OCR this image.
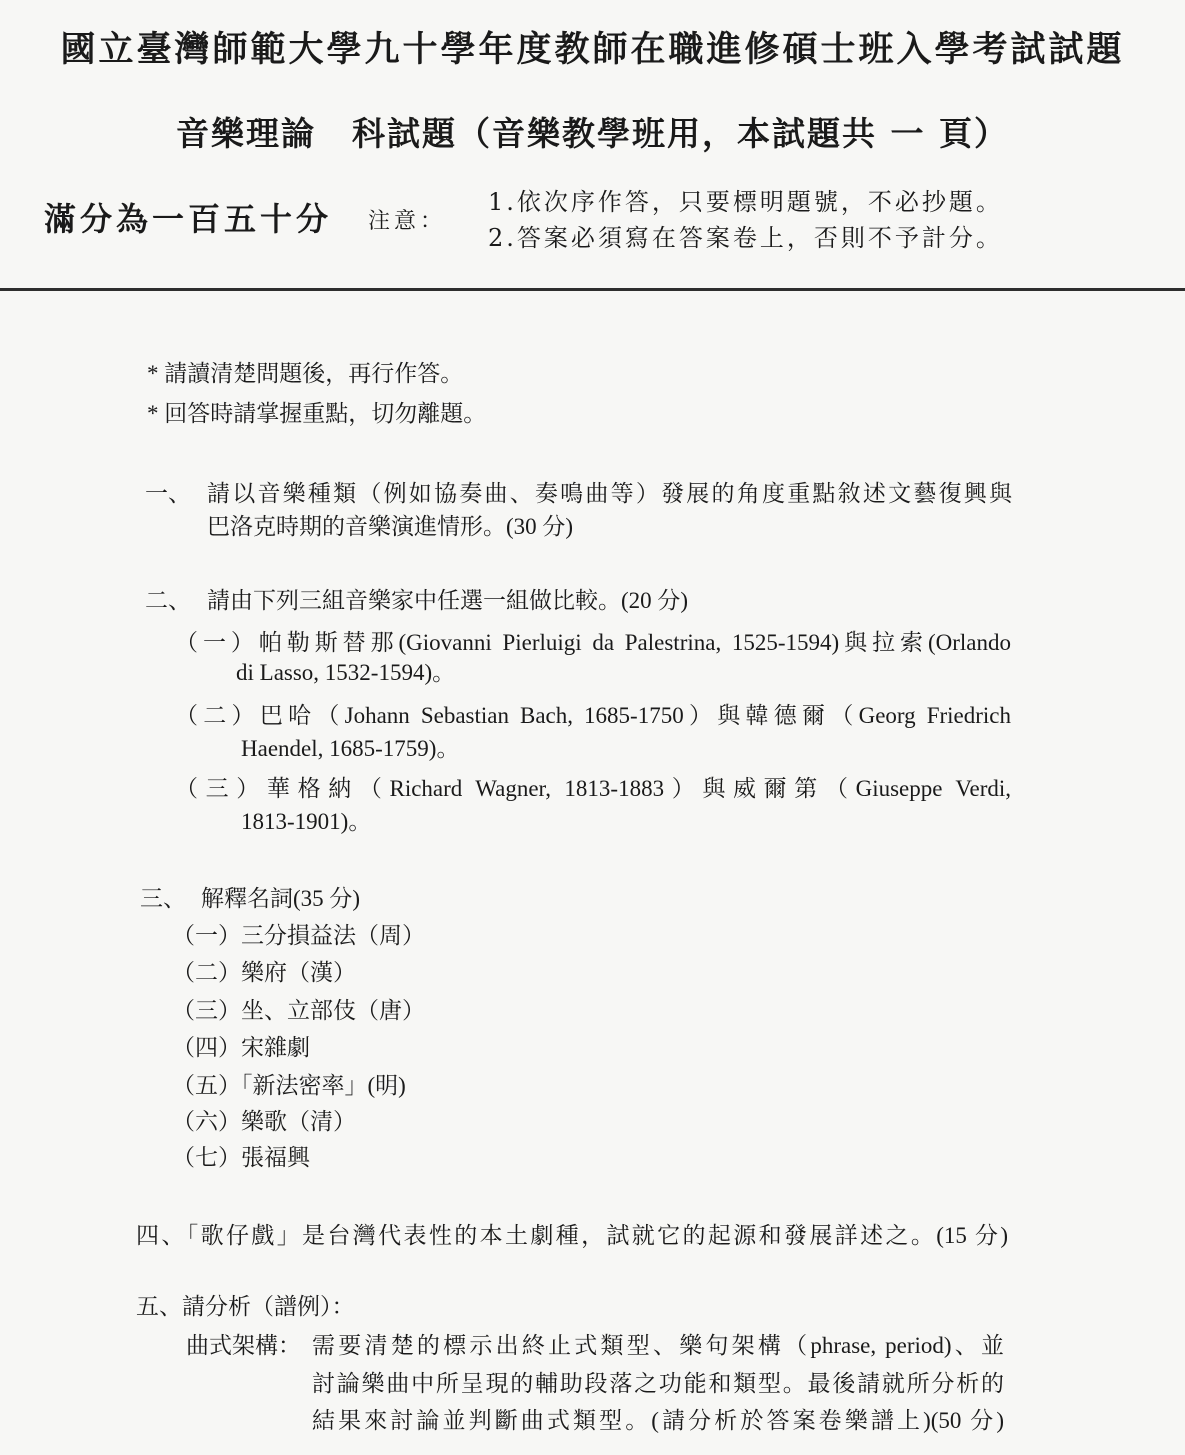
國立臺灣師範大學九十學年度教師在職進修碩士班入學考試試題
音樂理論 科試題（音樂教學班用，本試題共 一 頁）
滿分為一百五十分 注意：
1.依次序作答，只要標明題號，不必抄題。
2.答案必須寫在答案卷上，否則不予計分。
* 請讀清楚問題後，再行作答。
* 回答時請掌握重點，切勿離題。
一、 請以音樂種類（例如協奏曲、奏鳴曲等）發展的角度重點敘述文藝復興與
巴洛克時期的音樂演進情形。(30 分)
二、 請由下列三組音樂家中任選一組做比較。(20 分)
（一）帕勒斯替那(Giovanni Pierluigi da Palestrina, 1525-1594)與拉索(Orlando
di Lasso, 1532-1594)。
（二）巴哈（Johann Sebastian Bach, 1685-1750）與韓德爾（Georg Friedrich
Haendel, 1685-1759)。
（三）華格納（Richard Wagner, 1813-1883）與威爾第（Giuseppe Verdi,
1813-1901)。
三、 解釋名詞(35 分)
（一）三分損益法（周）
（二）樂府（漢）
（三）坐、立部伎（唐）
（四）宋雜劇
（五）「新法密率」(明)
（六）樂歌（清）
（七）張福興
四、「歌仔戲」是台灣代表性的本土劇種，試就它的起源和發展詳述之。(15 分)
五、請分析（譜例）：
曲式架構： 需要清楚的標示出終止式類型、樂句架構（phrase, period)、並
討論樂曲中所呈現的輔助段落之功能和類型。最後請就所分析的
結果來討論並判斷曲式類型。(請分析於答案卷樂譜上)(50 分)
